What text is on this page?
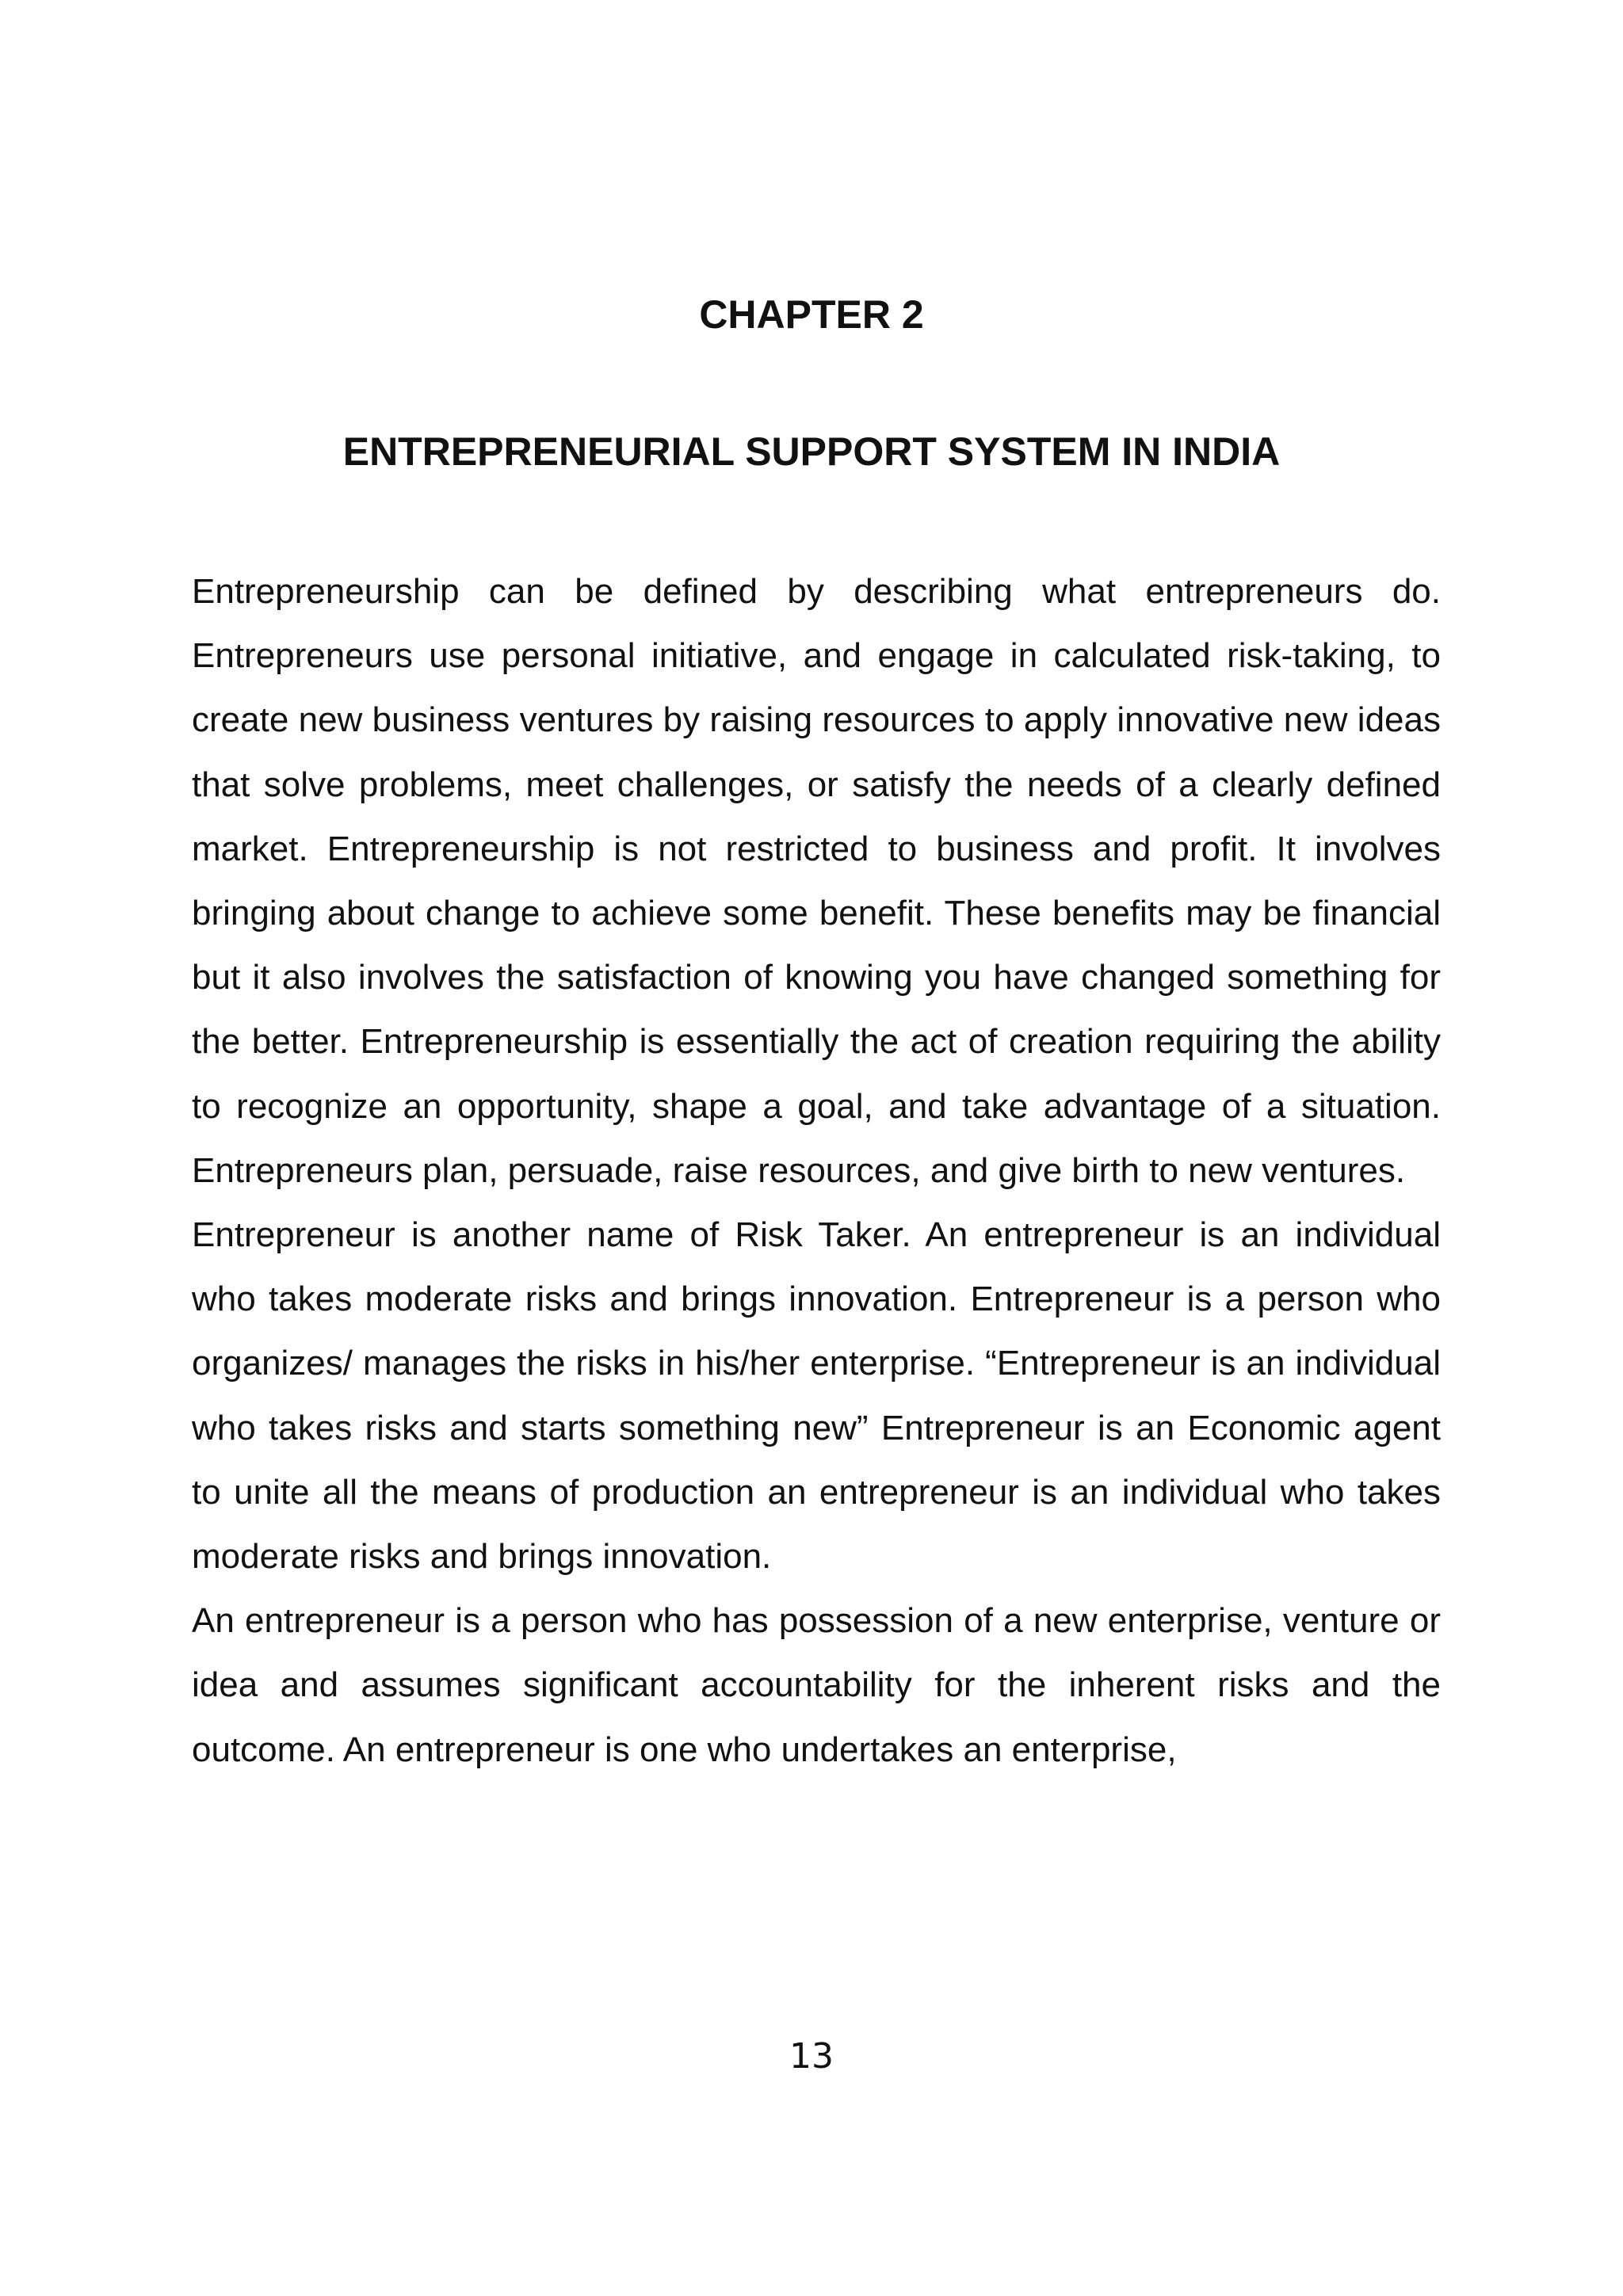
CHAPTER 2
ENTREPRENEURIAL SUPPORT SYSTEM IN INDIA

Entrepreneurship can be defined by describing what entrepreneurs do. Entrepreneurs use personal initiative, and engage in calculated risk-taking, to create new business ventures by raising resources to apply innovative new ideas that solve problems, meet challenges, or satisfy the needs of a clearly defined market. Entrepreneurship is not restricted to business and profit. It involves bringing about change to achieve some benefit. These benefits may be financial but it also involves the satisfaction of knowing you have changed something for the better. Entrepreneurship is essentially the act of creation requiring the ability to recognize an opportunity, shape a goal, and take advantage of a situation. Entrepreneurs plan, persuade, raise resources, and give birth to new ventures.

Entrepreneur is another name of Risk Taker. An entrepreneur is an individual who takes moderate risks and brings innovation. Entrepreneur is a person who organizes/ manages the risks in his/her enterprise. “Entrepreneur is an individual who takes risks and starts something new” Entrepreneur is an Economic agent to unite all the means of production an entrepreneur is an individual who takes moderate risks and brings innovation.

An entrepreneur is a person who has possession of a new enterprise, venture or idea and assumes significant accountability for the inherent risks and the outcome. An entrepreneur is one who undertakes an enterprise,

13
